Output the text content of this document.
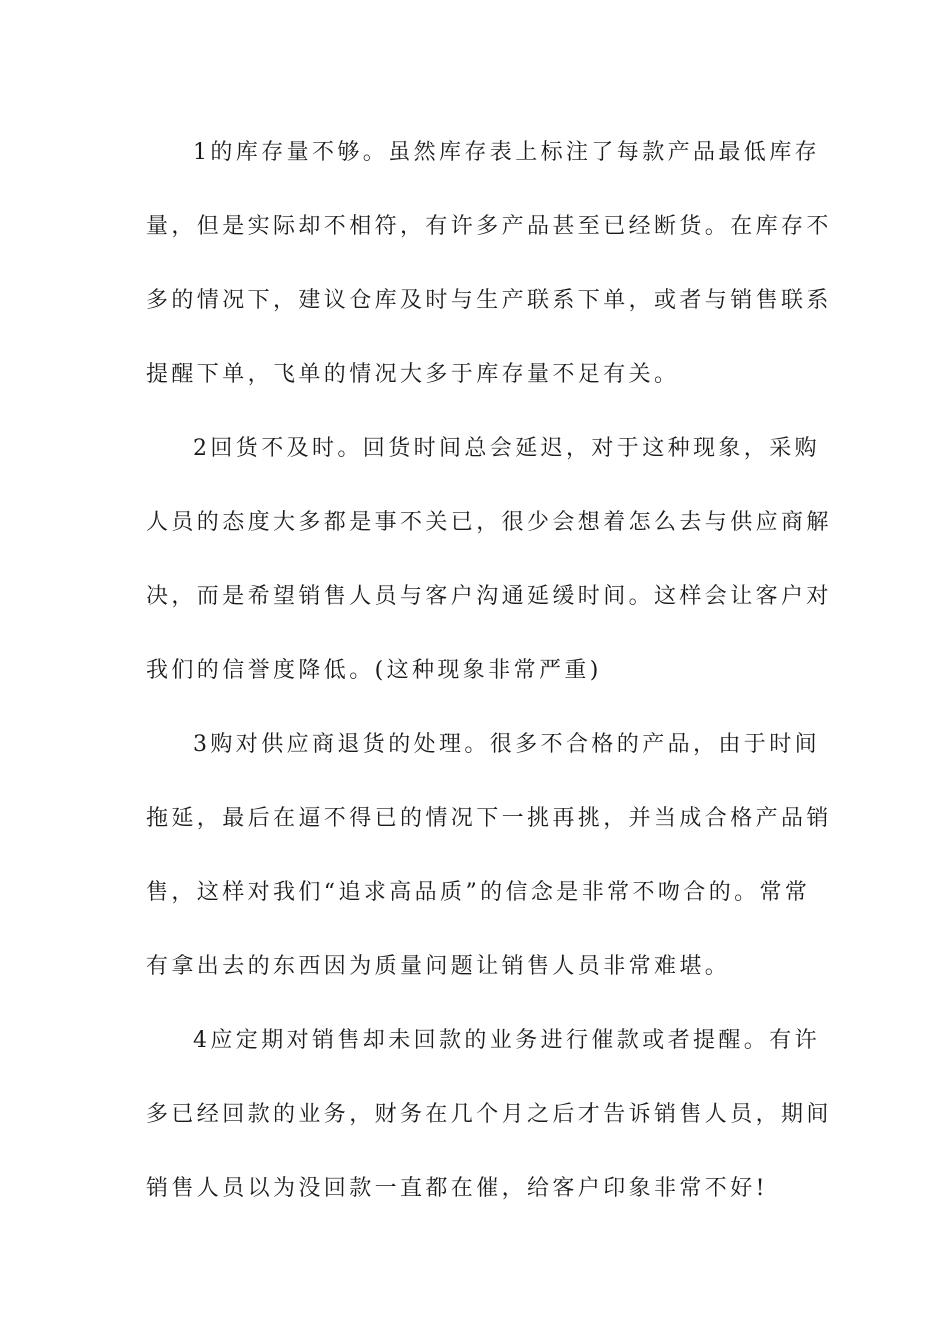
1的库存量不够。虽然库存表上标注了每款产品最低库存
量，但是实际却不相符，有许多产品甚至已经断货。在库存不
多的情况下，建议仓库及时与生产联系下单，或者与销售联系
提醒下单，飞单的情况大多于库存量不足有关。
2回货不及时。回货时间总会延迟，对于这种现象，采购
人员的态度大多都是事不关已，很少会想着怎么去与供应商解
决，而是希望销售人员与客户沟通延缓时间。这样会让客户对
我们的信誉度降低。(这种现象非常严重)
3购对供应商退货的处理。很多不合格的产品，由于时间
拖延，最后在逼不得已的情况下一挑再挑，并当成合格产品销
售，这样对我们“追求高品质”的信念是非常不吻合的。常常
有拿出去的东西因为质量问题让销售人员非常难堪。
4应定期对销售却未回款的业务进行催款或者提醒。有许
多已经回款的业务，财务在几个月之后才告诉销售人员，期间
销售人员以为没回款一直都在催，给客户印象非常不好!
